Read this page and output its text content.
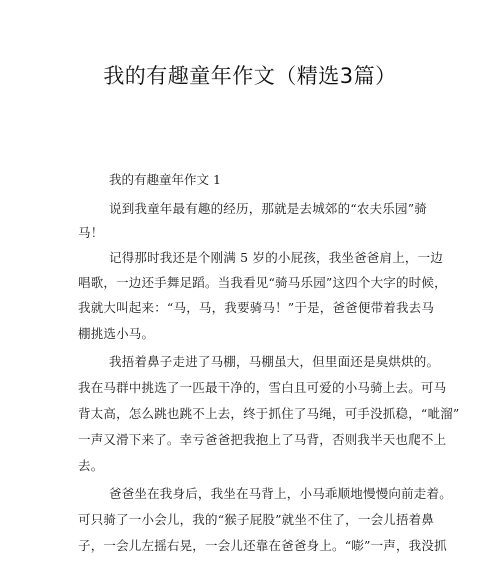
我的有趣童年作文（精选3篇）
我的有趣童年作文 1
说到我童年最有趣的经历，那就是去城郊的“农夫乐园”骑
马！
记得那时我还是个刚满 5 岁的小屁孩，我坐爸爸肩上，一边
唱歌，一边还手舞足蹈。当我看见“骑马乐园”这四个大字的时候，
我就大叫起来：“马，马，我要骑马！”于是，爸爸便带着我去马
棚挑选小马。
我捂着鼻子走进了马棚，马棚虽大，但里面还是臭烘烘的。
我在马群中挑选了一匹最干净的，雪白且可爱的小马骑上去。可马
背太高，怎么跳也跳不上去，终于抓住了马绳，可手没抓稳，“呲溜”
一声又滑下来了。幸亏爸爸把我抱上了马背，否则我半天也爬不上
去。
爸爸坐在我身后，我坐在马背上，小马乖顺地慢慢向前走着。
可只骑了一小会儿，我的“猴子屁股”就坐不住了，一会儿捂着鼻
子，一会儿左摇右晃，一会儿还靠在爸爸身上。“嘭”一声，我没抓
